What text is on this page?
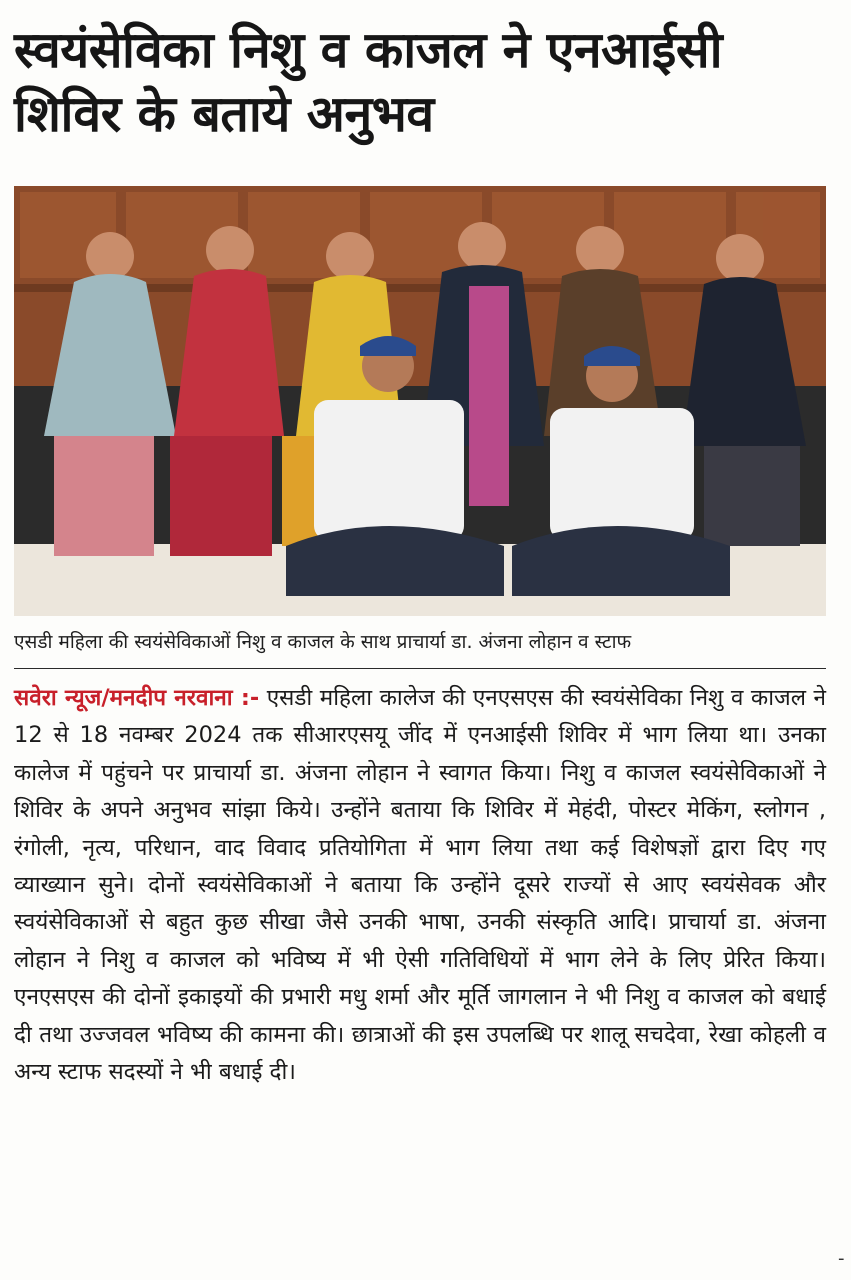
स्वयंसेविका निशु व काजल ने एनआईसी शिविर के बताये अनुभव
एसडी महिला की स्वयंसेविकाओं निशु व काजल के साथ प्राचार्या डा. अंजना लोहान व स्टाफ

सवेरा न्यूज/मनदीप नरवाना :- एसडी महिला कालेज की एनएसएस की स्वयंसेविका निशु व काजल ने 12 से 18 नवम्बर 2024 तक सीआरएसयू जींद में एनआईसी शिविर में भाग लिया था। उनका कालेज में पहुंचने पर प्राचार्या डा. अंजना लोहान ने स्वागत किया। निशु व काजल स्वयंसेविकाओं ने शिविर के अपने अनुभव सांझा किये। उन्होंने बताया कि शिविर में मेहंदी, पोस्टर मेकिंग, स्लोगन , रंगोली, नृत्य, परिधान, वाद विवाद प्रतियोगिता में भाग लिया तथा कई विशेषज्ञों द्वारा दिए गए व्याख्यान सुने। दोनों स्वयंसेविकाओं ने बताया कि उन्होंने दूसरे राज्यों से आए स्वयंसेवक और स्वयंसेविकाओं से बहुत कुछ सीखा जैसे उनकी भाषा, उनकी संस्कृति आदि। प्राचार्या डा. अंजना लोहान ने निशु व काजल को भविष्य में भी ऐसी गतिविधियों में भाग लेने के लिए प्रेरित किया। एनएसएस की दोनों इकाइयों की प्रभारी मधु शर्मा और मूर्ति जागलान ने भी निशु व काजल को बधाई दी तथा उज्जवल भविष्य की कामना की। छात्राओं की इस उपलब्धि पर शालू सचदेवा, रेखा कोहली व अन्य स्टाफ सदस्यों ने भी बधाई दी।

-
